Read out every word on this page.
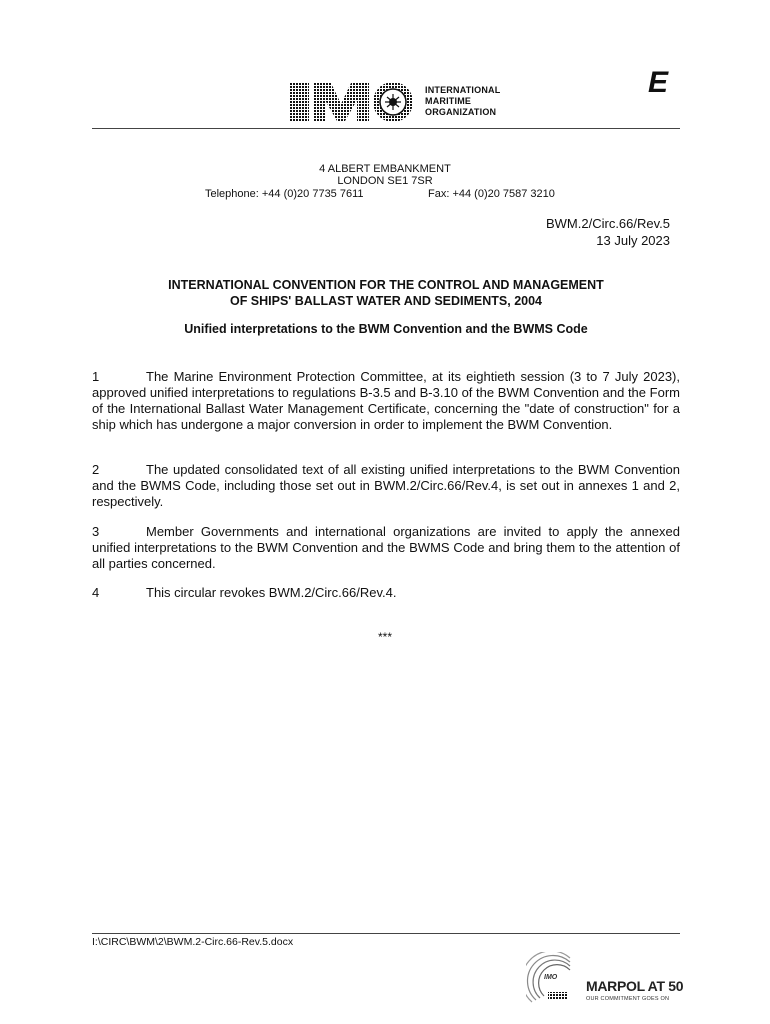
INTERNATIONAL
MARITIME
ORGANIZATION
E
4 ALBERT EMBANKMENT
LONDON SE1 7SR
Telephone: +44 (0)20 7735 7611	Fax: +44 (0)20 7587 3210
BWM.2/Circ.66/Rev.5
13 July 2023
INTERNATIONAL CONVENTION FOR THE CONTROL AND MANAGEMENT
OF SHIPS' BALLAST WATER AND SEDIMENTS, 2004
Unified interpretations to the BWM Convention and the BWMS Code
1	The Marine Environment Protection Committee, at its eightieth session (3 to 7 July 2023), approved unified interpretations to regulations B-3.5 and B-3.10 of the BWM Convention and the Form of the International Ballast Water Management Certificate, concerning the "date of construction" for a ship which has undergone a major conversion in order to implement the BWM Convention.
2	The updated consolidated text of all existing unified interpretations to the BWM Convention and the BWMS Code, including those set out in BWM.2/Circ.66/Rev.4, is set out in annexes 1 and 2, respectively.
3	Member Governments and international organizations are invited to apply the annexed unified interpretations to the BWM Convention and the BWMS Code and bring them to the attention of all parties concerned.
4	This circular revokes BWM.2/Circ.66/Rev.4.
***
I:\CIRC\BWM\2\BWM.2-Circ.66-Rev.5.docx
IMO
MARPOL AT 50
OUR COMMITMENT GOES ON
